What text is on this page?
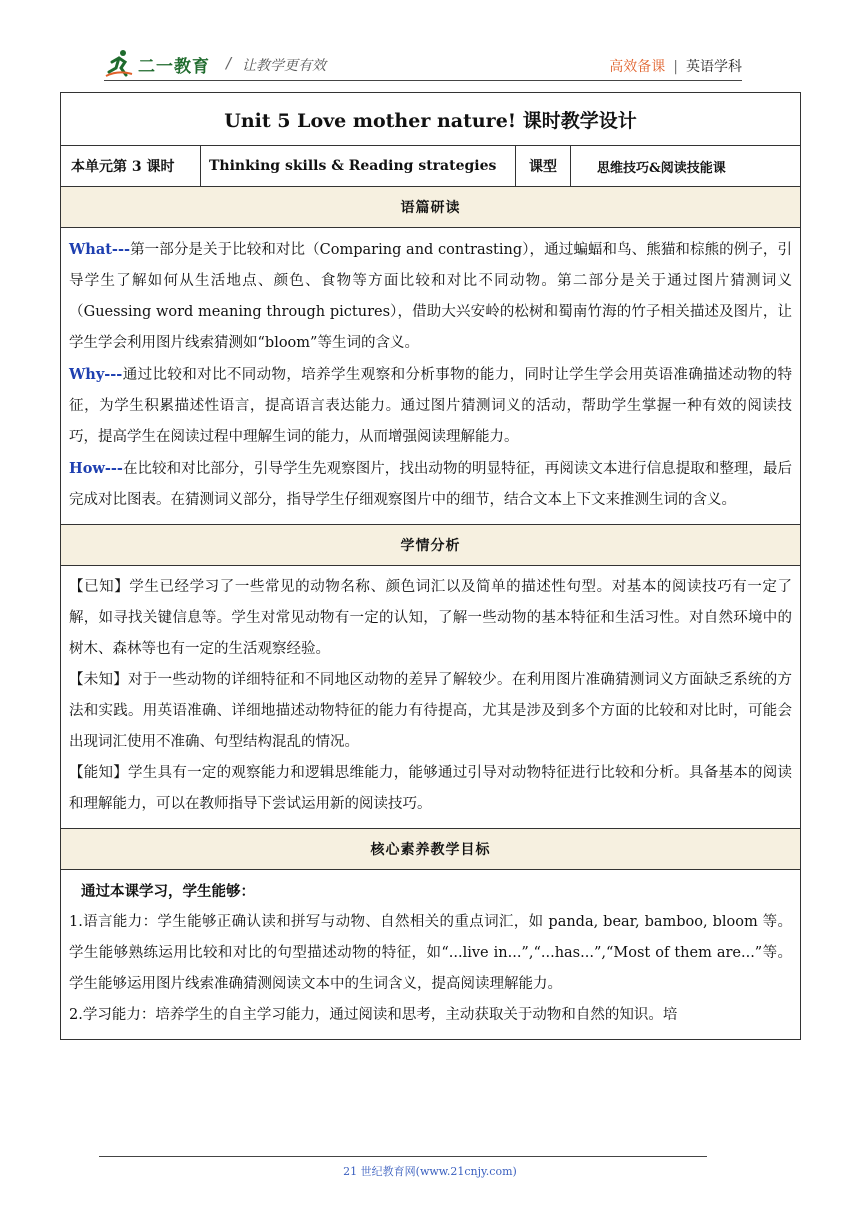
二一教育 / 让教学更有效	高效备课 | 英语学科
Unit 5 Love mother nature! 课时教学设计
本单元第 3 课时	Thinking skills & Reading strategies	课型	思维技巧&阅读技能课
语篇研读

What---第一部分是关于比较和对比（Comparing and contrasting），通过蝙蝠和鸟、熊猫和棕熊的例子，引导学生了解如何从生活地点、颜色、食物等方面比较和对比不同动物。第二部分是关于通过图片猜测词义（Guessing word meaning through pictures），借助大兴安岭的松树和蜀南竹海的竹子相关描述及图片，让学生学会利用图片线索猜测如“bloom”等生词的含义。

Why---通过比较和对比不同动物，培养学生观察和分析事物的能力，同时让学生学会用英语准确描述动物的特征，为学生积累描述性语言，提高语言表达能力。通过图片猜测词义的活动，帮助学生掌握一种有效的阅读技巧，提高学生在阅读过程中理解生词的能力，从而增强阅读理解能力。

How---在比较和对比部分，引导学生先观察图片，找出动物的明显特征，再阅读文本进行信息提取和整理，最后完成对比图表。在猜测词义部分，指导学生仔细观察图片中的细节，结合文本上下文来推测生词的含义。

学情分析

【已知】学生已经学习了一些常见的动物名称、颜色词汇以及简单的描述性句型。对基本的阅读技巧有一定了解，如寻找关键信息等。学生对常见动物有一定的认知，了解一些动物的基本特征和生活习性。对自然环境中的树木、森林等也有一定的生活观察经验。

【未知】对于一些动物的详细特征和不同地区动物的差异了解较少。在利用图片准确猜测词义方面缺乏系统的方法和实践。用英语准确、详细地描述动物特征的能力有待提高，尤其是涉及到多个方面的比较和对比时，可能会出现词汇使用不准确、句型结构混乱的情况。

【能知】学生具有一定的观察能力和逻辑思维能力，能够通过引导对动物特征进行比较和分析。具备基本的阅读和理解能力，可以在教师指导下尝试运用新的阅读技巧。

核心素养教学目标

通过本课学习，学生能够：

1.语言能力：学生能够正确认读和拼写与动物、自然相关的重点词汇，如 panda, bear, bamboo, bloom 等。学生能够熟练运用比较和对比的句型描述动物的特征，如“...live in...”,“...has...”,“Most of them are...”等。学生能够运用图片线索准确猜测阅读文本中的生词含义，提高阅读理解能力。

2.学习能力：培养学生的自主学习能力，通过阅读和思考，主动获取关于动物和自然的知识。培

21 世纪教育网(www.21cnjy.com)
